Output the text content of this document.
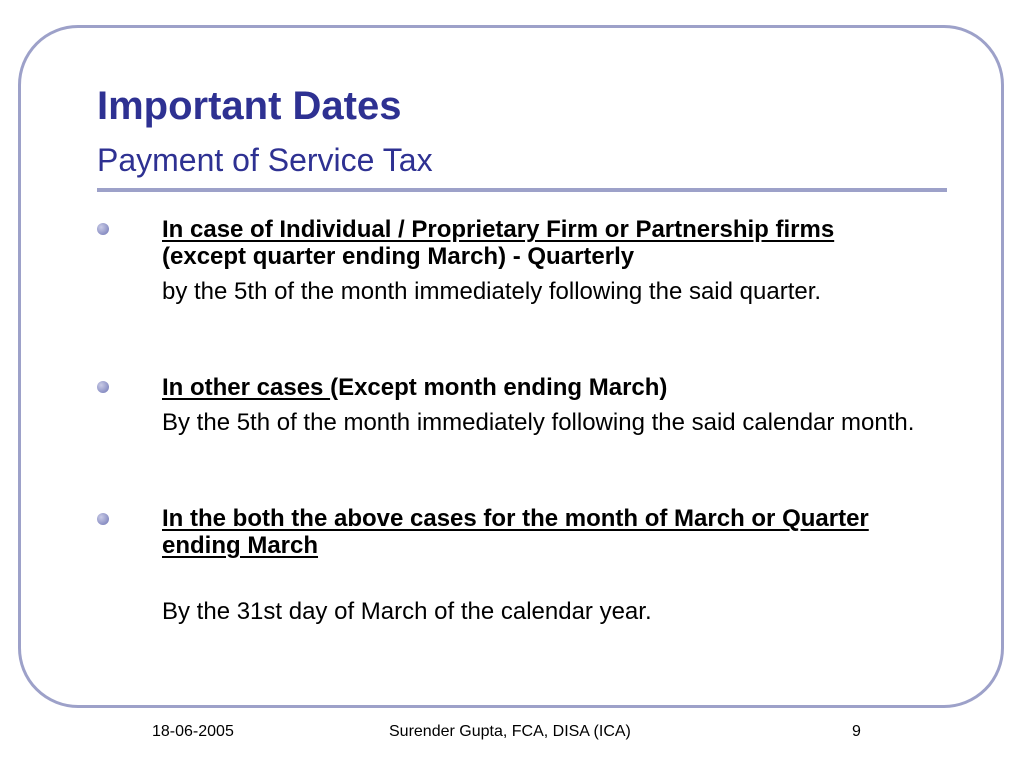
Important Dates
Payment of Service Tax
In case of Individual / Proprietary Firm or Partnership firms (except quarter ending March) - Quarterly
by the 5th of the month immediately following the said quarter.
In other cases (Except month ending March)
By the 5th of the month immediately following the said calendar month.
In the both the above cases for the month of March or Quarter ending March
By the 31st day of March of the calendar year.
18-06-2005	Surender Gupta, FCA, DISA (ICA)	9
